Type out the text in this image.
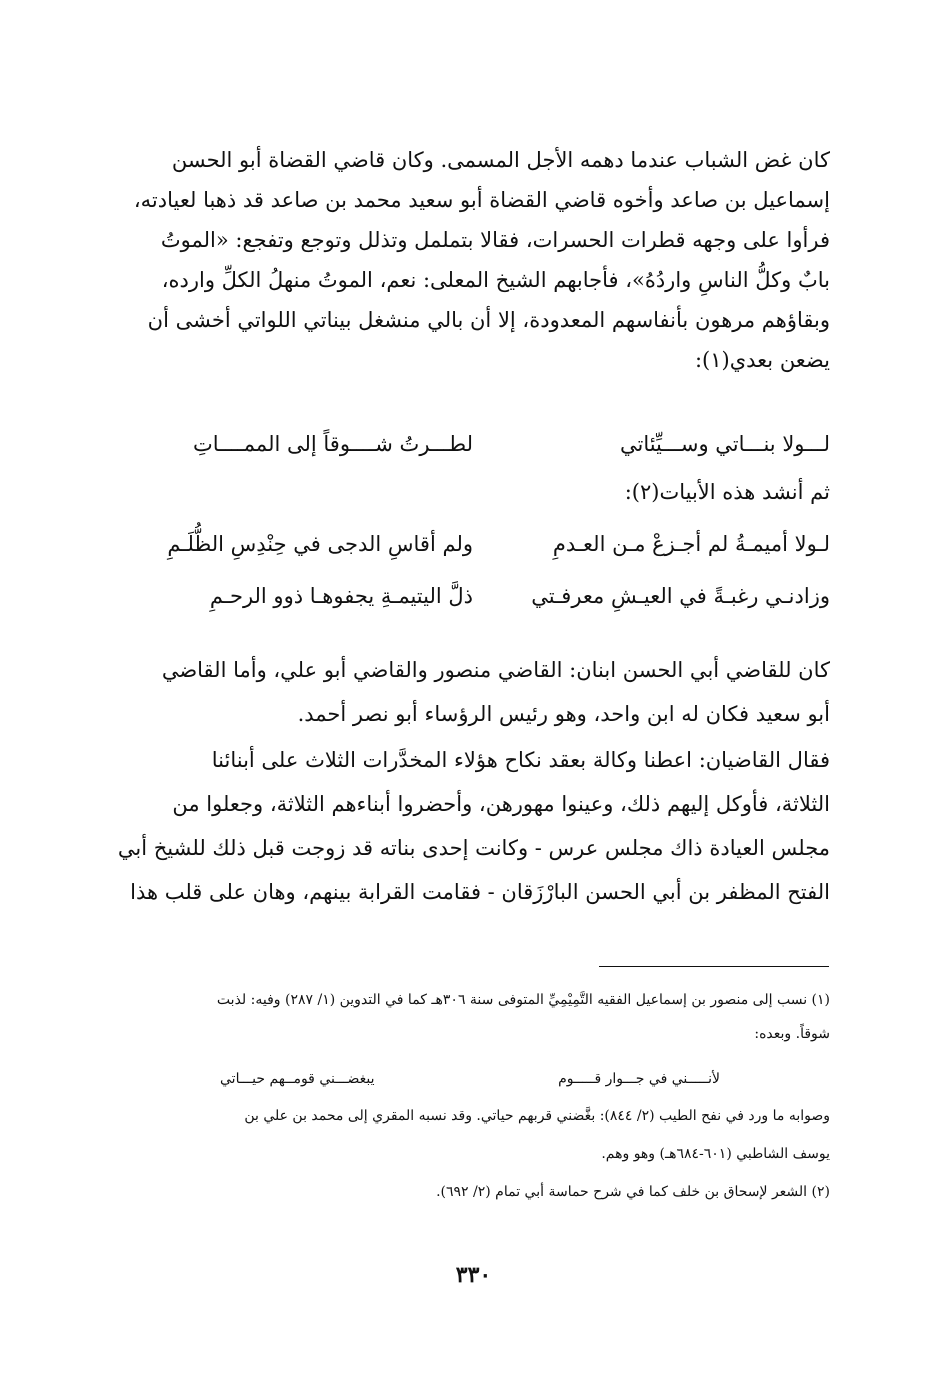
كان غض الشباب عندما دهمه الأجل المسمى. وكان قاضي القضاة أبو الحسن
إسماعيل بن صاعد وأخوه قاضي القضاة أبو سعيد محمد بن صاعد قد ذهبا لعيادته،
فرأوا على وجهه قطرات الحسرات، فقالا بتململ وتذلل وتوجع وتفجع: «الموتُ
بابٌ وكلُّ الناسِ واردُهُ»، فأجابهم الشيخ المعلى: نعم، الموتُ منهلُ الكلِّ وارده،
وبقاؤهم مرهون بأنفاسهم المعدودة، إلا أن بالي منشغل بيناتي اللواتي أخشى أن
يضعن بعدي(١):
لـــولا بنـــاتي وســـيِّئاتي
لطـــرتُ شــــوقاً إلى الممــــاتِ
ثم أنشد هذه الأبيات(٢):
لـولا أميمـةُ لم أجـزعْ مـن العـدمِ
ولم أقاسِ الدجى في حِنْدِسِ الظُّلَـمِ
وزادنـي رغبـةً في العيـشِ معرفـتي
ذلَّ اليتيمـةِ يجفوهـا ذوو الرحـمِ
كان للقاضي أبي الحسن ابنان: القاضي منصور والقاضي أبو علي، وأما القاضي
أبو سعيد فكان له ابن واحد، وهو رئيس الرؤساء أبو نصر أحمد.
فقال القاضيان: اعطنا وكالة بعقد نكاح هؤلاء المخدَّرات الثلاث على أبنائنا
الثلاثة، فأوكل إليهم ذلك، وعينوا مهورهن، وأحضروا أبناءهم الثلاثة، وجعلوا من
مجلس العيادة ذاك مجلس عرس - وكانت إحدى بناته قد زوجت قبل ذلك للشيخ أبي
الفتح المظفر بن أبي الحسن البارْزَقان - فقامت القرابة بينهم، وهان على قلب هذا
(١) نسب إلى منصور بن إسماعيل الفقيه التَّمِيْمِيِّ المتوفى سنة ٣٠٦هـ كما في التدوين (١/ ٢٨٧) وفيه: لذبت
شوقاً. وبعده:
لأنـــــني في جـــوار قـــــوم
يبغضـــني قومــهم حيـــاتي
وصوابه ما ورد في نفح الطيب (٢/ ٨٤٤): بغَّضني قربهم حياتي. وقد نسبه المقري إلى محمد بن علي بن
يوسف الشاطبي (٦٠١-٦٨٤هـ) وهو وهم.
(٢) الشعر لإسحاق بن خلف كما في شرح حماسة أبي تمام (٢/ ٦٩٢).
٣٣٠
